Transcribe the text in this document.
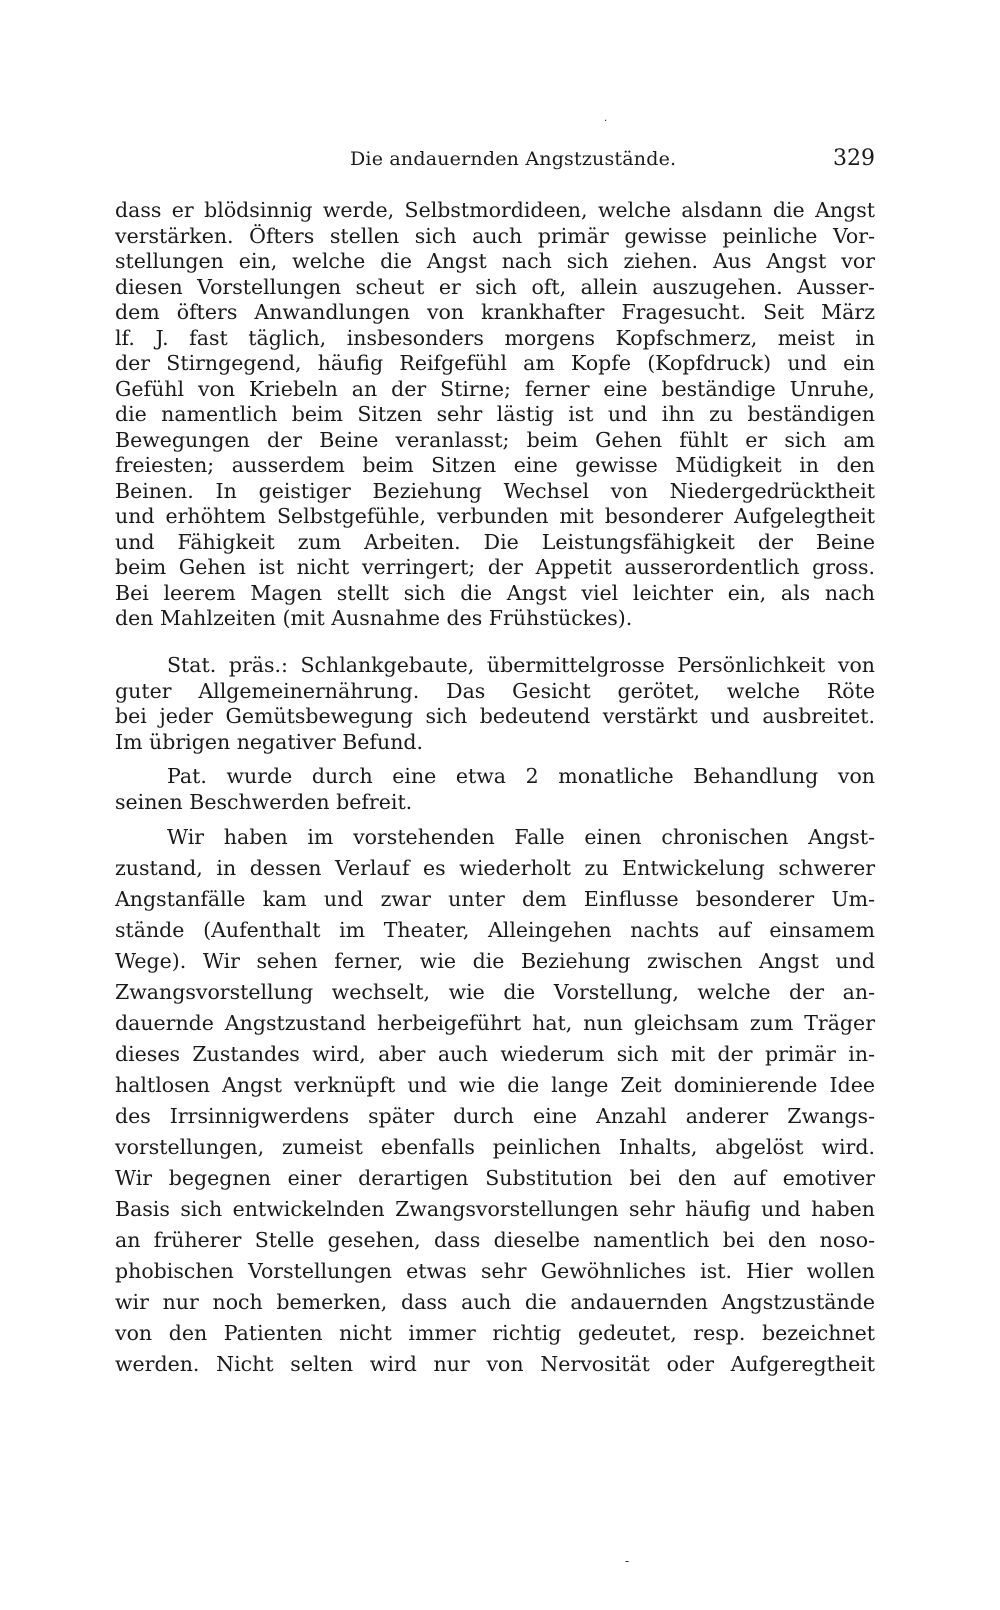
·
Die andauernden Angstzustände.	329
dass er blödsinnig werde, Selbstmordideen, welche alsdann die Angst
verstärken. Öfters stellen sich auch primär gewisse peinliche Vor-
stellungen ein, welche die Angst nach sich ziehen. Aus Angst vor
diesen Vorstellungen scheut er sich oft, allein auszugehen. Ausser-
dem öfters Anwandlungen von krankhafter Fragesucht. Seit März
lf. J. fast täglich, insbesonders morgens Kopfschmerz, meist in
der Stirngegend, häufig Reifgefühl am Kopfe (Kopfdruck) und ein
Gefühl von Kriebeln an der Stirne; ferner eine beständige Unruhe,
die namentlich beim Sitzen sehr lästig ist und ihn zu beständigen
Bewegungen der Beine veranlasst; beim Gehen fühlt er sich am
freiesten; ausserdem beim Sitzen eine gewisse Müdigkeit in den
Beinen. In geistiger Beziehung Wechsel von Niedergedrücktheit
und erhöhtem Selbstgefühle, verbunden mit besonderer Aufgelegtheit
und Fähigkeit zum Arbeiten. Die Leistungsfähigkeit der Beine
beim Gehen ist nicht verringert; der Appetit ausserordentlich gross.
Bei leerem Magen stellt sich die Angst viel leichter ein, als nach
den Mahlzeiten (mit Ausnahme des Frühstückes).
Stat. präs.: Schlankgebaute, übermittelgrosse Persönlichkeit von
guter Allgemeinernährung. Das Gesicht gerötet, welche Röte
bei jeder Gemütsbewegung sich bedeutend verstärkt und ausbreitet.
Im übrigen negativer Befund.
Pat. wurde durch eine etwa 2 monatliche Behandlung von
seinen Beschwerden befreit.
Wir haben im vorstehenden Falle einen chronischen Angst-
zustand, in dessen Verlauf es wiederholt zu Entwickelung schwerer
Angstanfälle kam und zwar unter dem Einflusse besonderer Um-
stände (Aufenthalt im Theater, Alleingehen nachts auf einsamem
Wege). Wir sehen ferner, wie die Beziehung zwischen Angst und
Zwangsvorstellung wechselt, wie die Vorstellung, welche der an-
dauernde Angstzustand herbeigeführt hat, nun gleichsam zum Träger
dieses Zustandes wird, aber auch wiederum sich mit der primär in-
haltlosen Angst verknüpft und wie die lange Zeit dominierende Idee
des Irrsinnigwerdens später durch eine Anzahl anderer Zwangs-
vorstellungen, zumeist ebenfalls peinlichen Inhalts, abgelöst wird.
Wir begegnen einer derartigen Substitution bei den auf emotiver
Basis sich entwickelnden Zwangsvorstellungen sehr häufig und haben
an früherer Stelle gesehen, dass dieselbe namentlich bei den noso-
phobischen Vorstellungen etwas sehr Gewöhnliches ist. Hier wollen
wir nur noch bemerken, dass auch die andauernden Angstzustände
von den Patienten nicht immer richtig gedeutet, resp. bezeichnet
werden. Nicht selten wird nur von Nervosität oder Aufgeregtheit
-
